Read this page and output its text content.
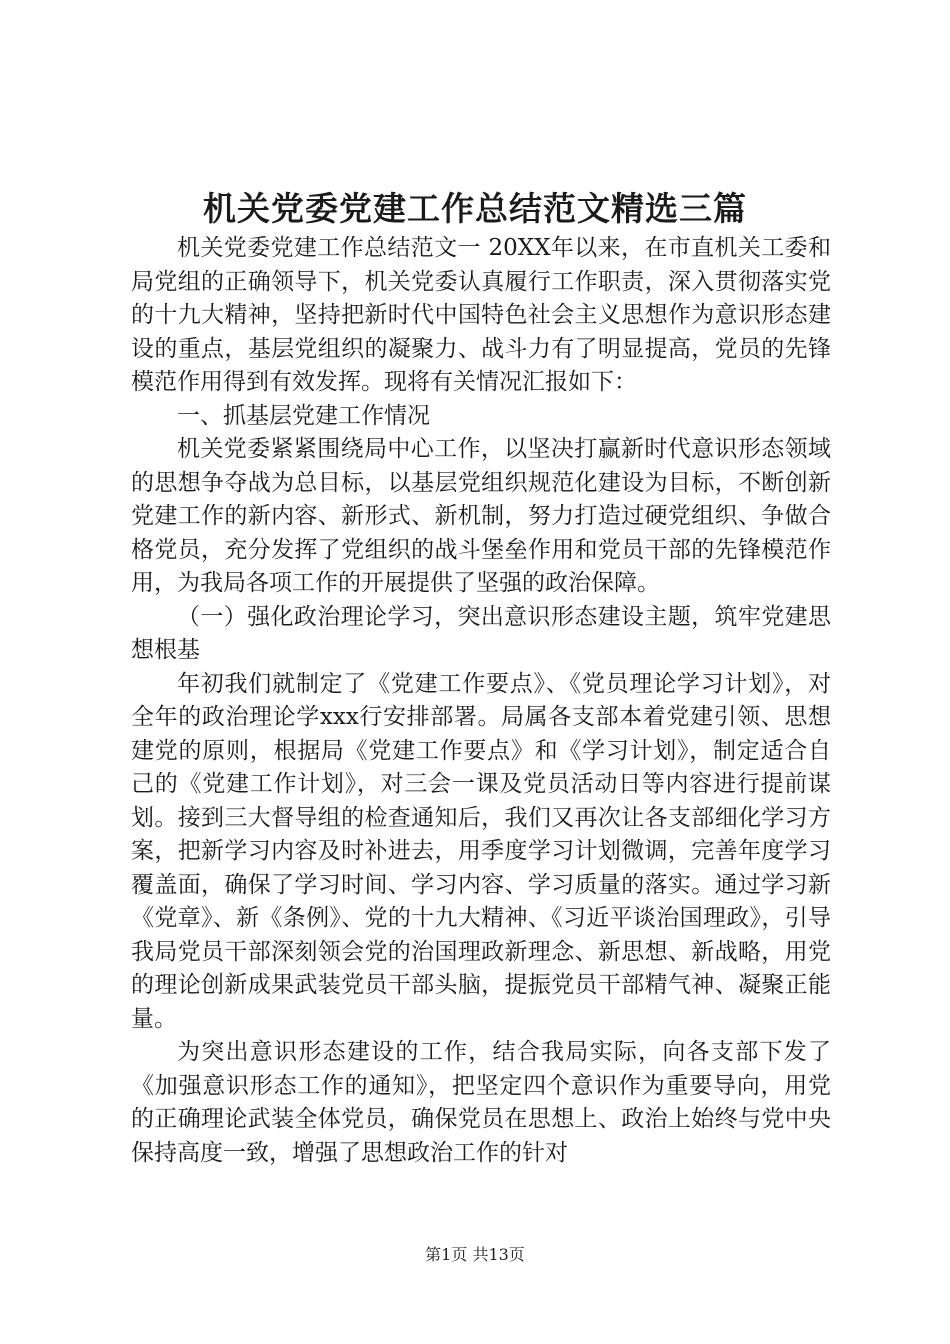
机关党委党建工作总结范文精选三篇

机关党委党建工作总结范文一 20XX年以来，在市直机关工委和局党组的正确领导下，机关党委认真履行工作职责，深入贯彻落实党的十九大精神，坚持把新时代中国特色社会主义思想作为意识形态建设的重点，基层党组织的凝聚力、战斗力有了明显提高，党员的先锋模范作用得到有效发挥。现将有关情况汇报如下：

一、抓基层党建工作情况

机关党委紧紧围绕局中心工作，以坚决打赢新时代意识形态领域的思想争夺战为总目标，以基层党组织规范化建设为目标，不断创新党建工作的新内容、新形式、新机制，努力打造过硬党组织、争做合格党员，充分发挥了党组织的战斗堡垒作用和党员干部的先锋模范作用，为我局各项工作的开展提供了坚强的政治保障。

（一）强化政治理论学习，突出意识形态建设主题，筑牢党建思想根基

年初我们就制定了《党建工作要点》、《党员理论学习计划》，对全年的政治理论学xxx行安排部署。局属各支部本着党建引领、思想建党的原则，根据局《党建工作要点》和《学习计划》，制定适合自己的《党建工作计划》，对三会一课及党员活动日等内容进行提前谋划。接到三大督导组的检查通知后，我们又再次让各支部细化学习方案，把新学习内容及时补进去，用季度学习计划微调，完善年度学习覆盖面，确保了学习时间、学习内容、学习质量的落实。通过学习新《党章》、新《条例》、党的十九大精神、《习近平谈治国理政》，引导我局党员干部深刻领会党的治国理政新理念、新思想、新战略，用党的理论创新成果武装党员干部头脑，提振党员干部精气神、凝聚正能量。

为突出意识形态建设的工作，结合我局实际，向各支部下发了《加强意识形态工作的通知》，把坚定四个意识作为重要导向，用党的正确理论武装全体党员，确保党员在思想上、政治上始终与党中央保持高度一致，增强了思想政治工作的针对

第1页 共13页
